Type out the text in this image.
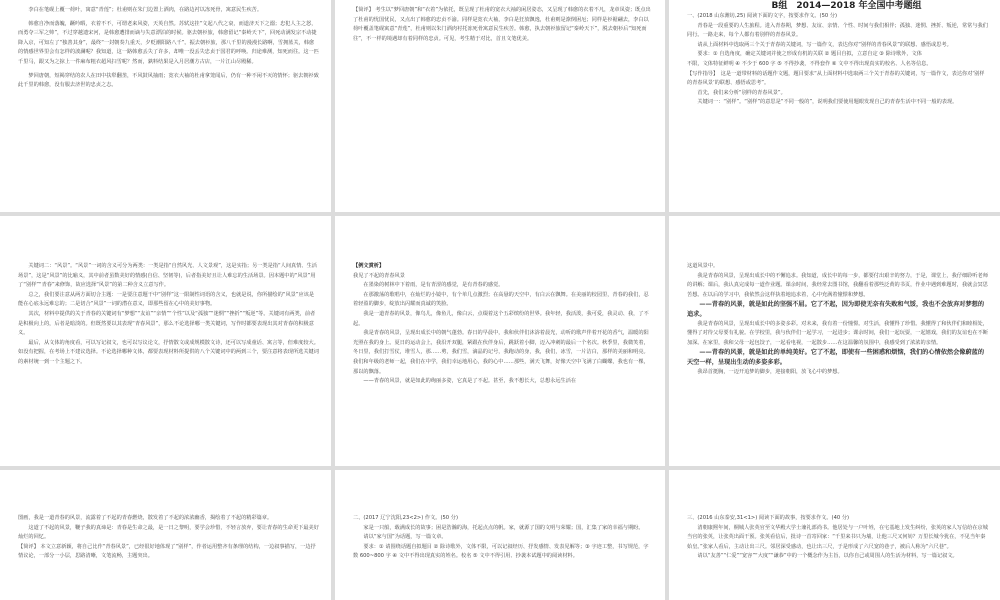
李白在笔砚上覆一荷叶，寓意“青莲”；杜甫则在朱门边置上酒肉，在路边衬以冻死骨，寓意民生疾苦。

韩愈自净而落魄，蹶吟暇，衣着不不，可谓老来风姿，天英自然。苏轼这挂“文起八代之衰，而道济天下之溺；忠犯人主之怒，而勇夺三军之帅”，不过穿越遗宋河，是韩愈遭排而谪与失意漂泊的时候。驱去朝衫旅，韩愈留记“秦岭天下”，回死动满发宗不动捷降入京，可知左了“独善其身”，最终“一封朝奏九重天，夕贬潮阳路八千”。振去朝衫旅，那八千里的漫漫长路啊，雪拥蓝关，韩愈的情感世界里会有怎样的波澜呢？我知道，这一路韩愈丢失了许多，却唯一没丢失忠贞于国君的呼唤。归途难测，知死而往。这一匹千里马，跟又为之掠上一件麻布粗衣超风扫雪呢？然而，孰料结果是入月居潮方古店，一片江山尽殿稀。

梦回唐朝，短褐穿结的农人在田中扶犁翻垄，不风鼓风抽雨；宽衣大袖的杜甫拿笼闻后，仍有一种不闲不灭的情怀；驱去朝衫致此千里的韩愈，没有服去济世的忠贞之志。

【简评】 考生以“梦回唐朝”和“衣着”为依托，既呈现了杜甫的宽衣大袖的闲居姿态，又呈现了韩愈的衣着不凡，龙章凤姿；既点出了杜甫的忧国忧民，又点出了韩愈的忠贞不渝。同样是宽衣大袖，李白是狂放飘逸，杜甫则是潦倒困厄；同样是衫裾翩去，李白以荷叶覆盖笔砚寓意“青莲”，杜甫则以朱门酒肉衬托冻死骨寓意民生疾苦。韩愈，执去朝衫旅留记“秦岭天下”，脱去朝衫后“知死而往”，不一样的境遇却有着同样的忠贞。可见，考生精于对比，首且文笔优美。

B组　2014—2018 年全国中考题组

一、(2018 山东潍坊,25) 阅读下面的文字，按要求作文。(50 分)

青春是一段重要的人生旅程。进入青春期，梦想、友谊、亲情、个性、时间与我们相伴；孤独、迷惘、挫折、叛逆，常常与我们同行。一路走来，每个人都有着别样的青春风景。

请从上面材料中选取两三个关于青春的关键词，写一篇作文，表达你对“别样的青春风景”的联想、感悟或思考。

要求：① 自选角度，确定关键词并使之形成有机的关联 ② 题目自拟，立意自定 ③ 除诗歌外，文体

不限，文体特征鲜明 ④ 不少于 600 字 ⑤ 不得抄袭，不得套作 ⑥ 文中不得出现真实的校名、人名等信息。

【写作指导】　这是一道带材料的话题作文题，题目要求“从上面材料中选取两三个关于青春的关键词，写一篇作文，表达你对‘别样的青春风景’的联想、感悟或思考”。

首先，我们来分析“别样的青春风景”。

关键词一：“别样”。“别样”的意思是“不同一般的”，说明我们要使用题眼发现自己的青春生活中不同一般的表现。

关键词二：“风景”。“风景”一词的含义可分为两类：一类是指“自然风光、人文景观”，这是实指；另一类是指“人间真情、生活场景”，这是“风景”的比喻义，其中前者虽数美好的情感(自信、坚韧等)，后者指美好且让人难忘的生活场景。因本题中的“风景”用了“别样”“青春”来修饰，故应选择“风景”的第二种含义立意写作。

总之，我们要注意从两方面切合主题：一是要注意题干中“别样”这一限制性词语的含义，也就是说，你所描绘的“风景”应该是能在心底永远难忘的；二是切合“风景”一词的潜在意义，即那些留在心中的美好事物。

其次，材料中提供的关于青春的关键词有“梦想”“友谊”“亲情”“个性”以及“孤独”“迷惘”“挫折”“叛逆”等。关键词有两类，前者是积极向上的，后者是暗淡的。但既然要以其表现“青春风景”，那么不论选择哪一类关键词，写作时都要表现出其对青春的积极意义。

最后，从文体的角度看，可以写记叙文，也可以写议论文，抒情散文或成规模散文诗，还可以写成童话、寓言等，但难度较大。如没有把握，在考场上不建议选择。不论选择哪种文体，都要表现材料所提供的八个关键词中的两到三个，要注意将表现所选关键词的素材统一到一个主题之下。

【例文赏析】

我见了不起的青春风景

在墨染的树林中下着雨，是有青涩的感觉，是有青春的感觉。

在那激荡的歌唱中，在灿烂的小镜中，有个单几点激烈；在高悬的天空中，有白云在飘舞。在美丽的校园里，青春的我们，忍着轻盈的脚步，绽放出闪耀而真诚的笑脸。

我是一道青春的风景，像鸟儿，像鱼儿，像白云，点缀着这个五彩缤纷的世界。我年轻，我活泼，我可爱，我灵动、我，了不起。

我是青春的风景，呈现出成长中的朝气蓬勃。春日的早晨中，我和伙伴们沐浴着晨光，动听的歌声伴着开花的香气，温暖的阳光照在我的身上。夏日的运动会上，我沿开双腿，紧跟在伙伴身后，跳跃着小脚，迈入冲刺的最后一个名次。秋季里，我微笑着，冬日里，我们打雪仗，堆雪人，那……剪，我们雪，滴晶的记号，我跑动的身，我，我们，冰雪，一片洁白，那样的美丽和明亮。我们和年级的老师一起，我们在中学，我们幸运地用心，我的心中……那些，满天飞舞，好像天空中飞满了白蝴蝶，我也有一棵，那以的飘落。

——青春的风景，就是如此的绚丽多姿，它真是了不起。甚至，我不想长大，总想永远生活在

这道风景中。

我是青春的风景，呈现出成长中的不懈追求。我知道，成长中的每一步，都要付出艰辛的努力，于是，课堂上，我仔细聆听老师的讲解；课后，我认真完成每一道作业题。课余时间，我经常去图书馆，我翻看着那些泛黄的书页，作业中遇到难题时，我就会冥思苦想。在以后的学习中，我依然会这样执着地追求着，心中充满着憧憬和梦想。

——青春的风景，就是如此的坚强不屈。它了不起，因为即使无奈有失败和气馁，我也不会放弃对梦想的追求。

我是青春的风景，呈现出成长中的多姿多彩。对未来，我有着一份憧憬。对生活，我懂得了珍惜。我懂得了和伙伴们和睦相处，懂得了对待父母要有礼貌。在学校里，我与伙伴们一起学习，一起进步；课余时间，我们一起玩耍，一起嬉戏，我们的友谊也在不断加深。在家里，我和父母一起包饺子，一起看电视，一起散步……在这温馨的氛围中，我感受到了浓浓的亲情。

——青春的风景，就是如此的单纯美好。它了不起，即使有一些困惑和烦恼，我们的心情依然会像蔚蓝的天空一样，呈现出生动的多姿多彩。

我昂首挺胸，一迈开追梦的脚步，迎接朝阳，放飞心中的梦想。

图画，我是一道青春的风景，流露着了不起的青春燃烧，散发着了不起的浓浓幽香，揭绘着了不起的精彩篇章。

这道了不起的风景，鞭子我的真谛是：青春是生命之最，是一日之黎明，要学会珍惜，不轻言放弃，要让青春的生命更下最美好灿烂的回忆。

【简评】 本文立意新颖，将自己比作“青春风景”，已经很好地体现了“别样”，作者运用整齐有条理的结构，一边叙事描写，一边抒情议论，一部分一小层，思路清晰，文笔流畅，主题突出。

二、(2017 辽宁沈阳,23<2>) 作文。(50 分)

家是一只船，载满成长的故事；困是浩瀚的海，托起点点的帆。家，就源了国的文明与荣耀；国，汇集了家的幸福与期盼。

请以“家与国”为话题，写一篇文章。

要求：① 请围绕话题自拟题目 ② 除诗歌外，文体不限，可以记叙经历、抒发感情、发表见解等；③ 字迹工整，书写规范，字数 600~800 字 ④ 文中不得出现真实的姓名。校名 ⑤ 文中不得引用、抄袭本试题中的阅读材料。

三、(2016 山东泰安,31<1>) 阅读下面的故事，按要求作文。(40 分)

清朝康熙年间，桐城人张英官至文华殿大学士兼礼部尚书。他居处与一户叶姓，在宅基地上发生纠纷，张英的家人写信给在京城当官的张英，让张英出面干预。张英看信后，批诗一首寄回家：“千里来书只为墙，让他三尺又何妨？万里长城今犹在，不见当年秦始皇。”张家人看后，主动让出三尺。邻居深受感动，也让出三尺，于是形成了六尺宽的巷子，被后人称为“六尺巷”。

请以“友善”“仁爱”“宽容”“大度”“谦恭”中的一个概念作为主旨，以你自己或周围人的生活为材料，写一篇记叙文。
